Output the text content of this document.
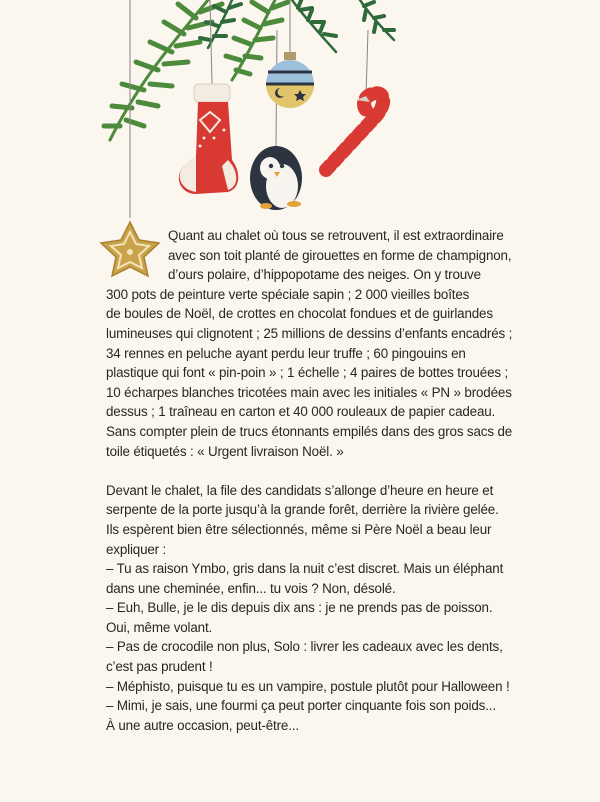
Quant au chalet où tous se retrouvent, il est extraordinaire
avec son toit planté de girouettes en forme de champignon,
d’ours polaire, d’hippopotame des neiges. On y trouve
300 pots de peinture verte spéciale sapin ; 2 000 vieilles boîtes
de boules de Noël, de crottes en chocolat fondues et de guirlandes
lumineuses qui clignotent ; 25 millions de dessins d’enfants encadrés ;
34 rennes en peluche ayant perdu leur truffe ; 60 pingouins en
plastique qui font « pin-poin » ; 1 échelle ; 4 paires de bottes trouées ;
10 écharpes blanches tricotées main avec les initiales « PN » brodées
dessus ; 1 traîneau en carton et 40 000 rouleaux de papier cadeau.
Sans compter plein de trucs étonnants empilés dans des gros sacs de
toile étiquetés : « Urgent livraison Noël. »
Devant le chalet, la file des candidats s’allonge d’heure en heure et
serpente de la porte jusqu’à la grande forêt, derrière la rivière gelée.
Ils espèrent bien être sélectionnés, même si Père Noël a beau leur
expliquer :
– Tu as raison Ymbo, gris dans la nuit c’est discret. Mais un éléphant
dans une cheminée, enfin... tu vois ? Non, désolé.
– Euh, Bulle, je le dis depuis dix ans : je ne prends pas de poisson.
Oui, même volant.
– Pas de crocodile non plus, Solo : livrer les cadeaux avec les dents,
c’est pas prudent !
– Méphisto, puisque tu es un vampire, postule plutôt pour Halloween !
– Mimi, je sais, une fourmi ça peut porter cinquante fois son poids...
À une autre occasion, peut-être...
